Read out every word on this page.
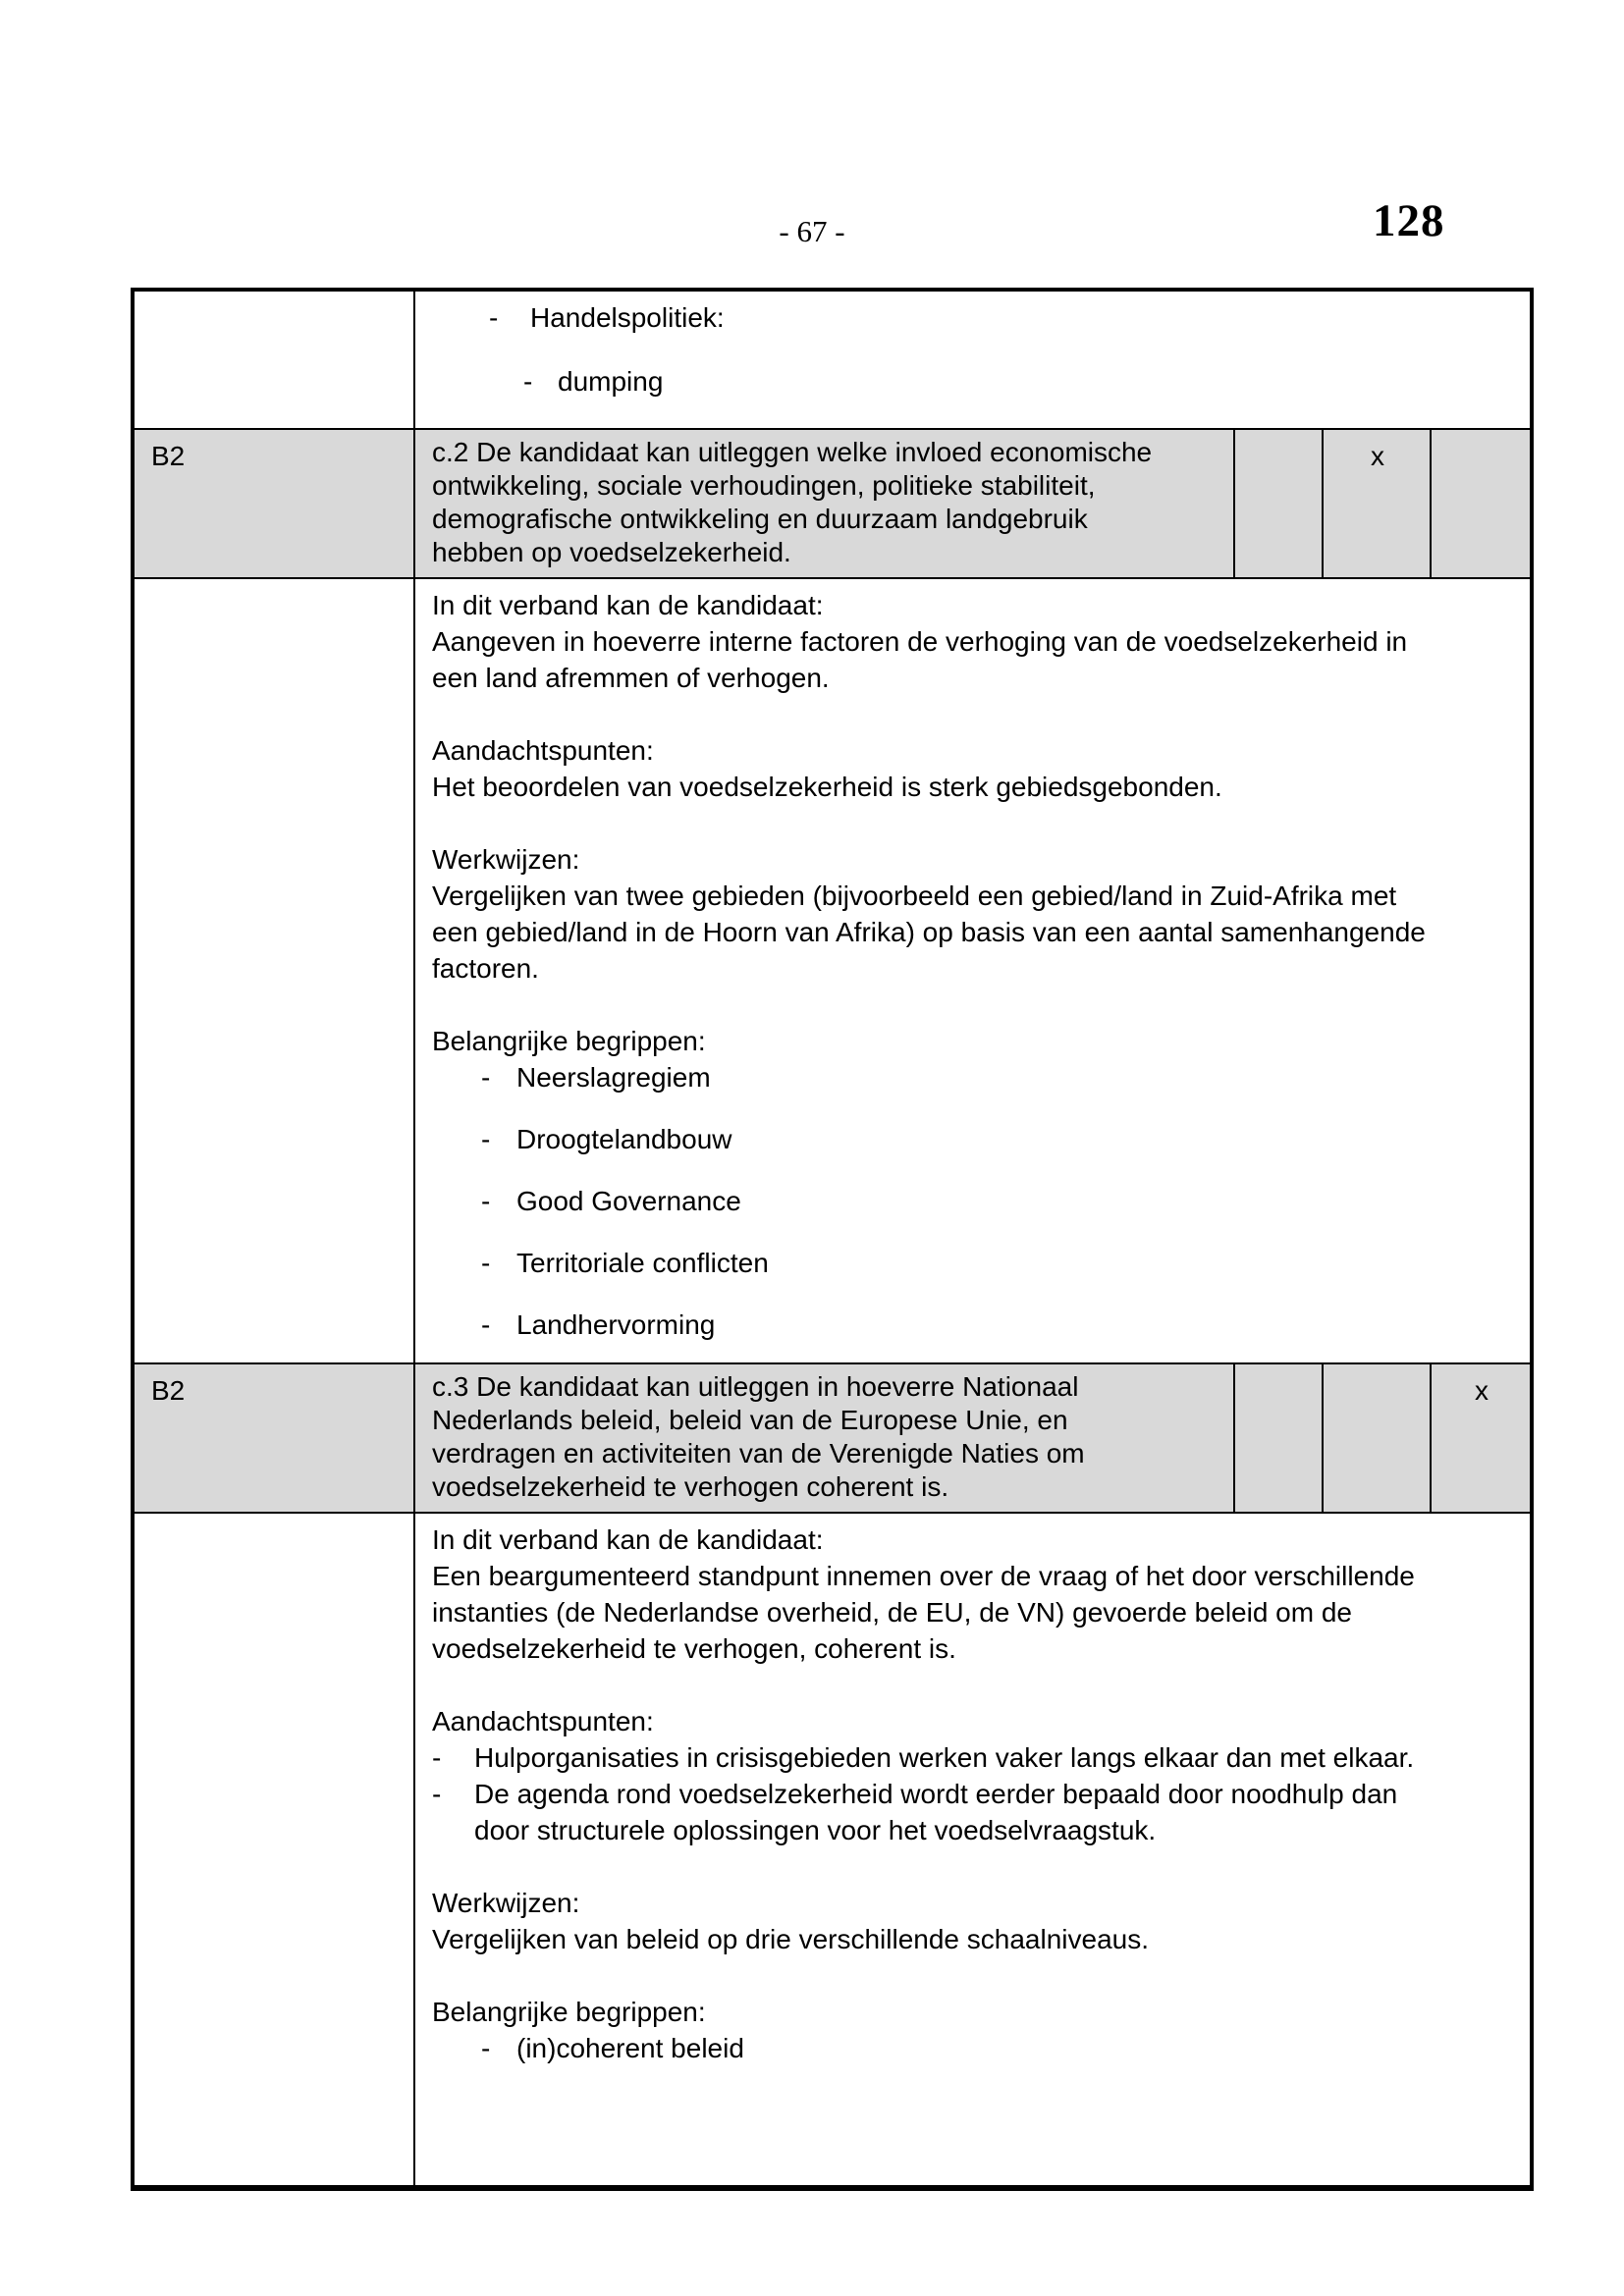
- 67 -	128

	- Handelspolitiek:
- dumping			

B2	c.2 De kandidaat kan uitleggen welke invloed economische
ontwikkeling, sociale verhoudingen, politieke stabiliteit,
demografische ontwikkeling en duurzaam landgebruik
hebben op voedselzekerheid.		x	

In dit verband kan de kandidaat:
Aangeven in hoeverre interne factoren de verhoging van de voedselzekerheid in
een land afremmen of verhogen.
Aandachtspunten:
Het beoordelen van voedselzekerheid is sterk gebiedsgebonden.
Werkwijzen:
Vergelijken van twee gebieden (bijvoorbeeld een gebied/land in Zuid-Afrika met
een gebied/land in de Hoorn van Afrika) op basis van een aantal samenhangende
factoren.
Belangrijke begrippen:
- Neerslagregiem
- Droogtelandbouw
- Good Governance
- Territoriale conflicten
- Landhervorming

B2	c.3 De kandidaat kan uitleggen in hoeverre Nationaal
Nederlands beleid, beleid van de Europese Unie, en
verdragen en activiteiten van de Verenigde Naties om
voedselzekerheid te verhogen coherent is.			x

In dit verband kan de kandidaat:
Een beargumenteerd standpunt innemen over de vraag of het door verschillende
instanties (de Nederlandse overheid, de EU, de VN) gevoerde beleid om de
voedselzekerheid te verhogen, coherent is.
Aandachtspunten:
-	Hulporganisaties in crisisgebieden werken vaker langs elkaar dan met elkaar.
-	De agenda rond voedselzekerheid wordt eerder bepaald door noodhulp dan
door structurele oplossingen voor het voedselvraagstuk.
Werkwijzen:
Vergelijken van beleid op drie verschillende schaalniveaus.
Belangrijke begrippen:
- (in)coherent beleid
